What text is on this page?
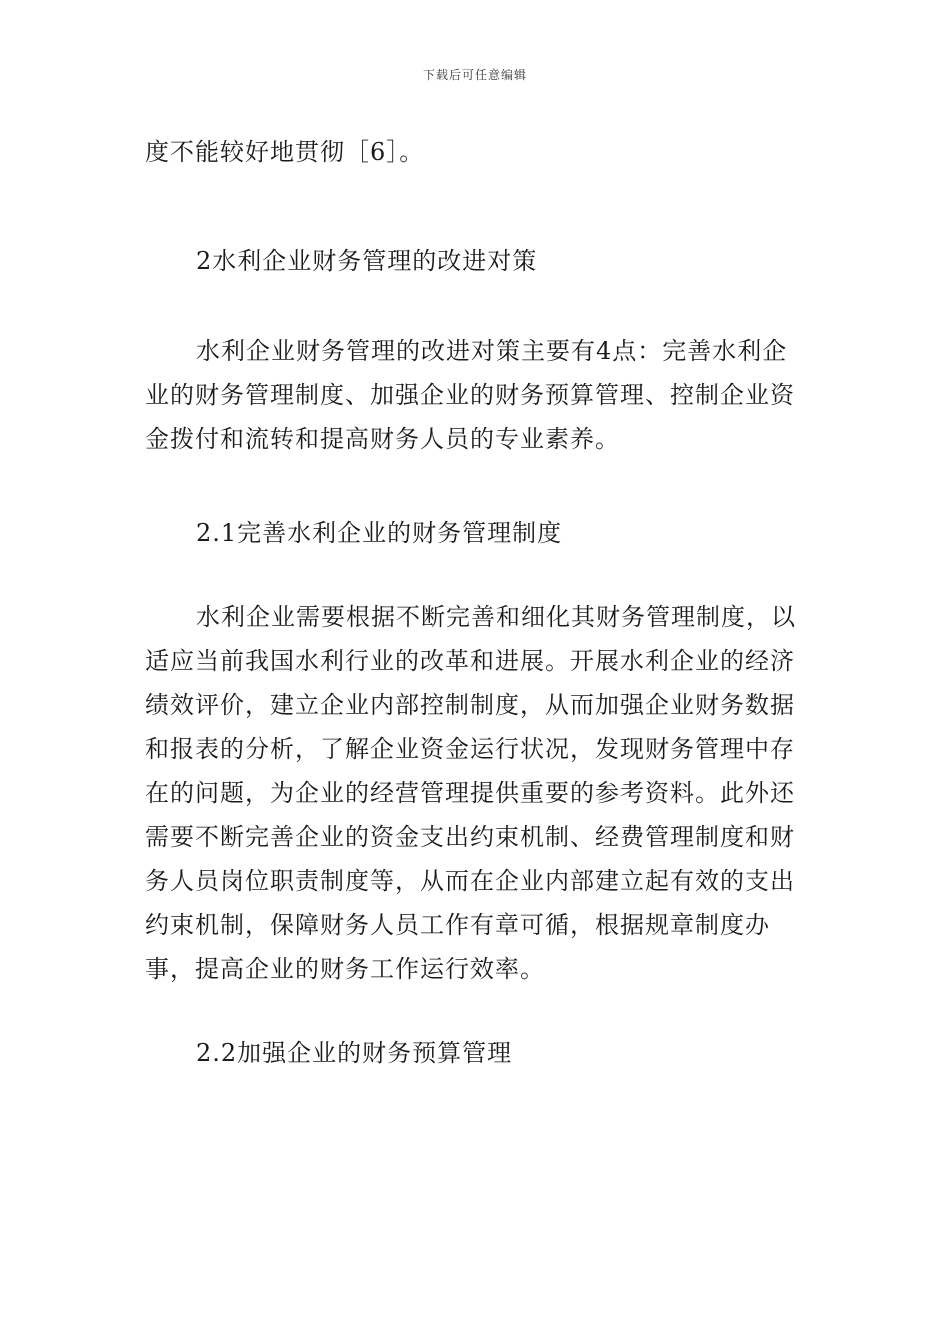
下载后可任意编辑

度不能较好地贯彻［6］。

2水利企业财务管理的改进对策

水利企业财务管理的改进对策主要有4点：完善水利企业的财务管理制度、加强企业的财务预算管理、控制企业资金拨付和流转和提高财务人员的专业素养。

2.1完善水利企业的财务管理制度

水利企业需要根据不断完善和细化其财务管理制度，以适应当前我国水利行业的改革和进展。开展水利企业的经济绩效评价，建立企业内部控制制度，从而加强企业财务数据和报表的分析，了解企业资金运行状况，发现财务管理中存在的问题，为企业的经营管理提供重要的参考资料。此外还需要不断完善企业的资金支出约束机制、经费管理制度和财务人员岗位职责制度等，从而在企业内部建立起有效的支出约束机制，保障财务人员工作有章可循，根据规章制度办事，提高企业的财务工作运行效率。

2.2加强企业的财务预算管理
